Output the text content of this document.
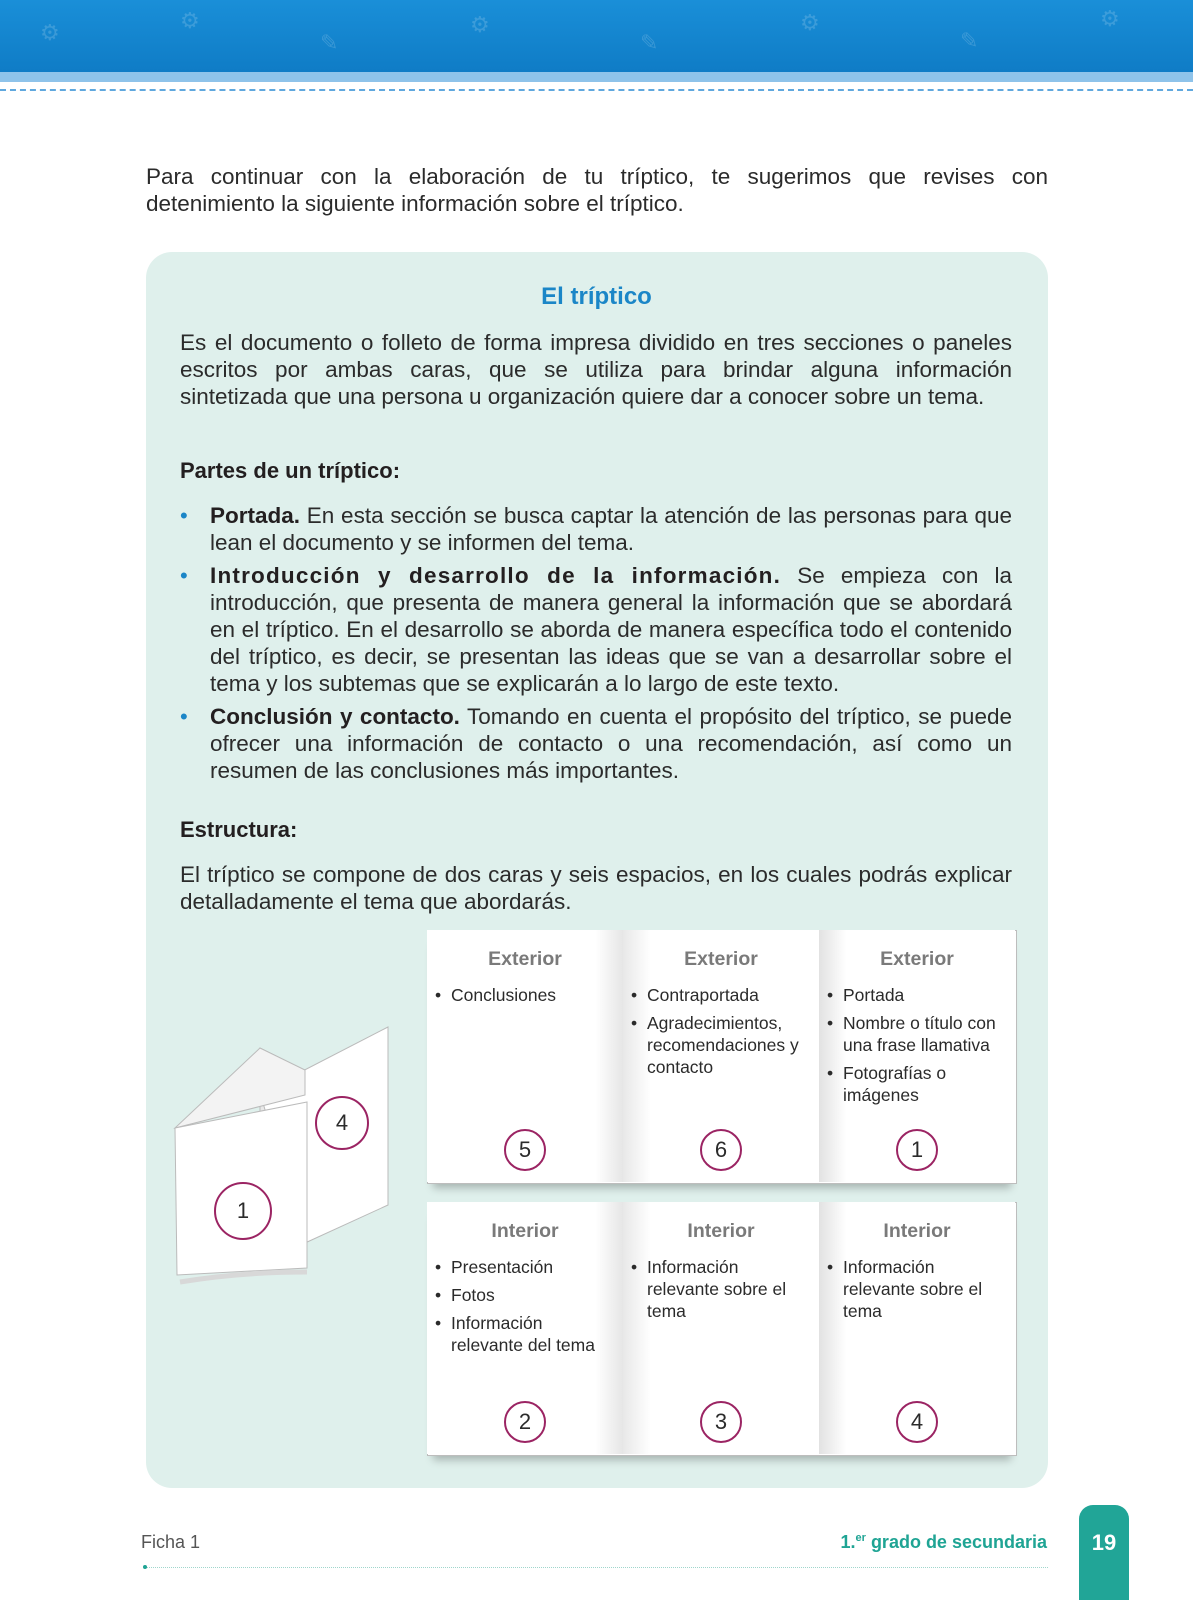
⚙	⚙
✎
⚙
✎
⚙
✎
⚙
Para continuar con la elaboración de tu tríptico, te sugerimos que revises con detenimiento la siguiente información sobre el tríptico.
El tríptico
Es el documento o folleto de forma impresa dividido en tres secciones o paneles escritos por ambas caras, que se utiliza para brindar alguna información sintetizada que una persona u organización quiere dar a conocer sobre un tema.
Partes de un tríptico:
• Portada. En esta sección se busca captar la atención de las personas para que lean el documento y se informen del tema.
• Introducción y desarrollo de la información. Se empieza con la introducción, que presenta de manera general la información que se abordará en el tríptico. En el desarrollo se aborda de manera específica todo el contenido del tríptico, es decir, se presentan las ideas que se van a desarrollar sobre el tema y los subtemas que se explicarán a lo largo de este texto.
• Conclusión y contacto. Tomando en cuenta el propósito del tríptico, se puede ofrecer una información de contacto o una recomendación, así como un resumen de las conclusiones más importantes.
Estructura:
El tríptico se compone de dos caras y seis espacios, en los cuales podrás explicar detalladamente el tema que abordarás.
4
1
Exterior
• Conclusiones
5
Exterior
• Contraportada
• Agradecimientos, recomendaciones y contacto
6
Exterior
• Portada
• Nombre o título con una frase llamativa
• Fotografías o imágenes
1
Interior
• Presentación
• Fotos
• Información relevante del tema
2
Interior
• Información relevante sobre el tema
3
Interior
• Información relevante sobre el tema
4
Ficha 1	1.$^{er}$ grado de secundaria	19
